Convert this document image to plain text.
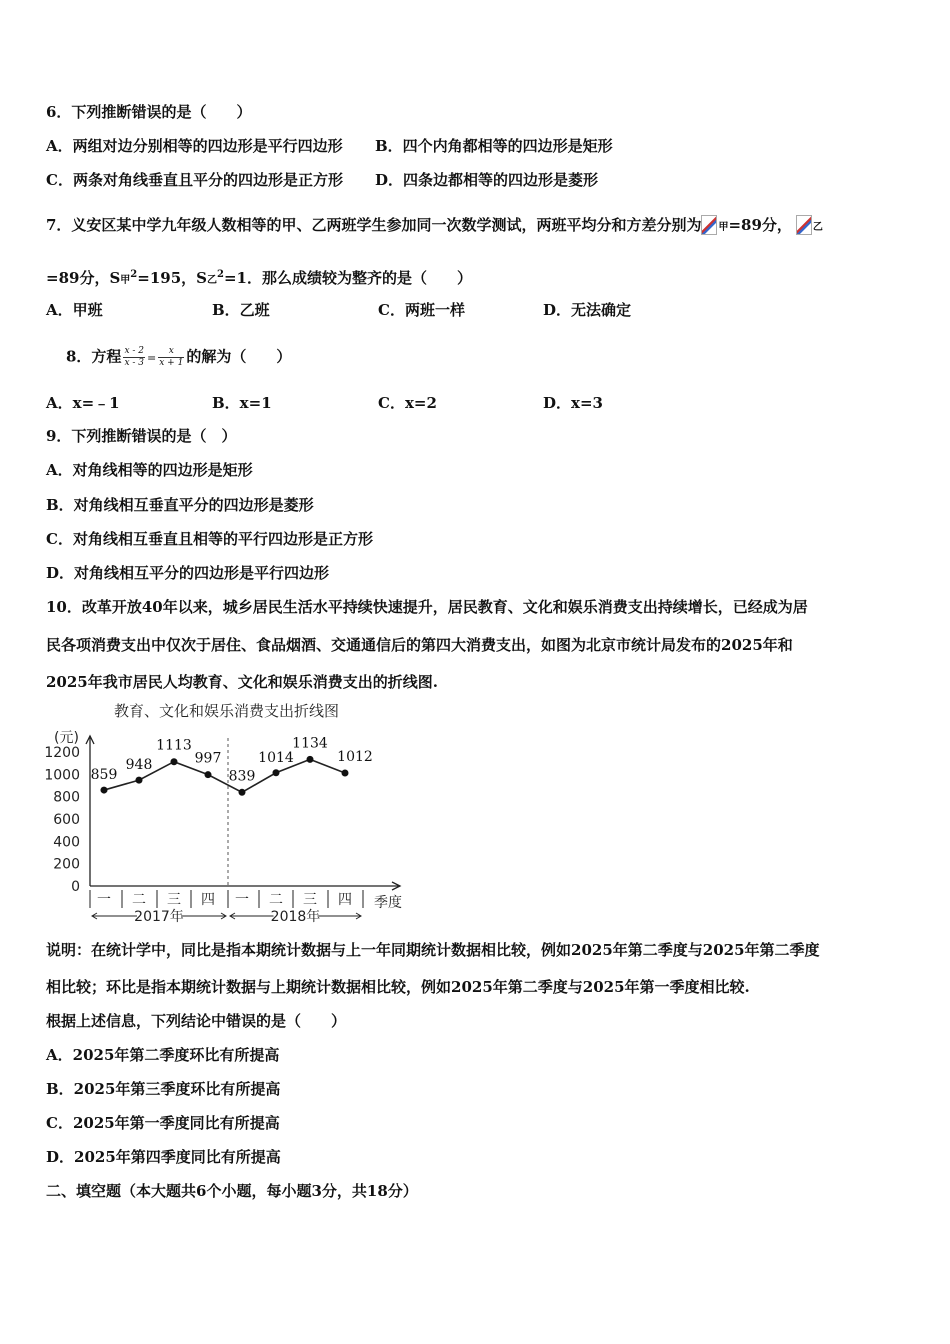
6．下列推断错误的是（　　）
A．两组对边分别相等的四边形是平行四边形 B．四个内角都相等的四边形是矩形
C．两条对角线垂直且平分的四边形是正方形 D．四条边都相等的四边形是菱形
7．义安区某中学九年级人数相等的甲、乙两班学生参加同一次数学测试，两班平均分和方差分别为 甲=89分， 乙
=89分，S甲$^2$=195，S乙$^2$=1．那么成绩较为整齐的是（　　）
A．甲班	B．乙班	C．两班一样	D．无法确定
8．方程 $\frac{x - 2}{x - 3} = \frac{x}{x + 1}$ 的解为（　　）
A．x=﹣1	B．x=1	C．x=2	D．x=3
9．下列推断错误的是（　）
A．对角线相等的四边形是矩形
B．对角线相互垂直平分的四边形是菱形
C．对角线相互垂直且相等的平行四边形是正方形
D．对角线相互平分的四边形是平行四边形
10．改革开放40年以来，城乡居民生活水平持续快速提升，居民教育、文化和娱乐消费支出持续增长，已经成为居
民各项消费支出中仅次于居住、食品烟酒、交通通信后的第四大消费支出，如图为北京市统计局发布的2025年和
2025年我市居民人均教育、文化和娱乐消费支出的折线图.
教育、文化和娱乐消费支出折线图
(元)
0
200
400
600
800
1000
1200
一 二 三 四 一 二 三 四
2017年	2018年
859
948
1113
997
839
1014
1134
1012
季度
说明：在统计学中，同比是指本期统计数据与上一年同期统计数据相比较，例如2025年第二季度与2025年第二季度
相比较；环比是指本期统计数据与上期统计数据相比较，例如2025年第二季度与2025年第一季度相比较.
根据上述信息，下列结论中错误的是（　　）
A．2025年第二季度环比有所提高
B．2025年第三季度环比有所提高
C．2025年第一季度同比有所提高
D．2025年第四季度同比有所提高
二、填空题（本大题共6个小题，每小题3分，共18分）
